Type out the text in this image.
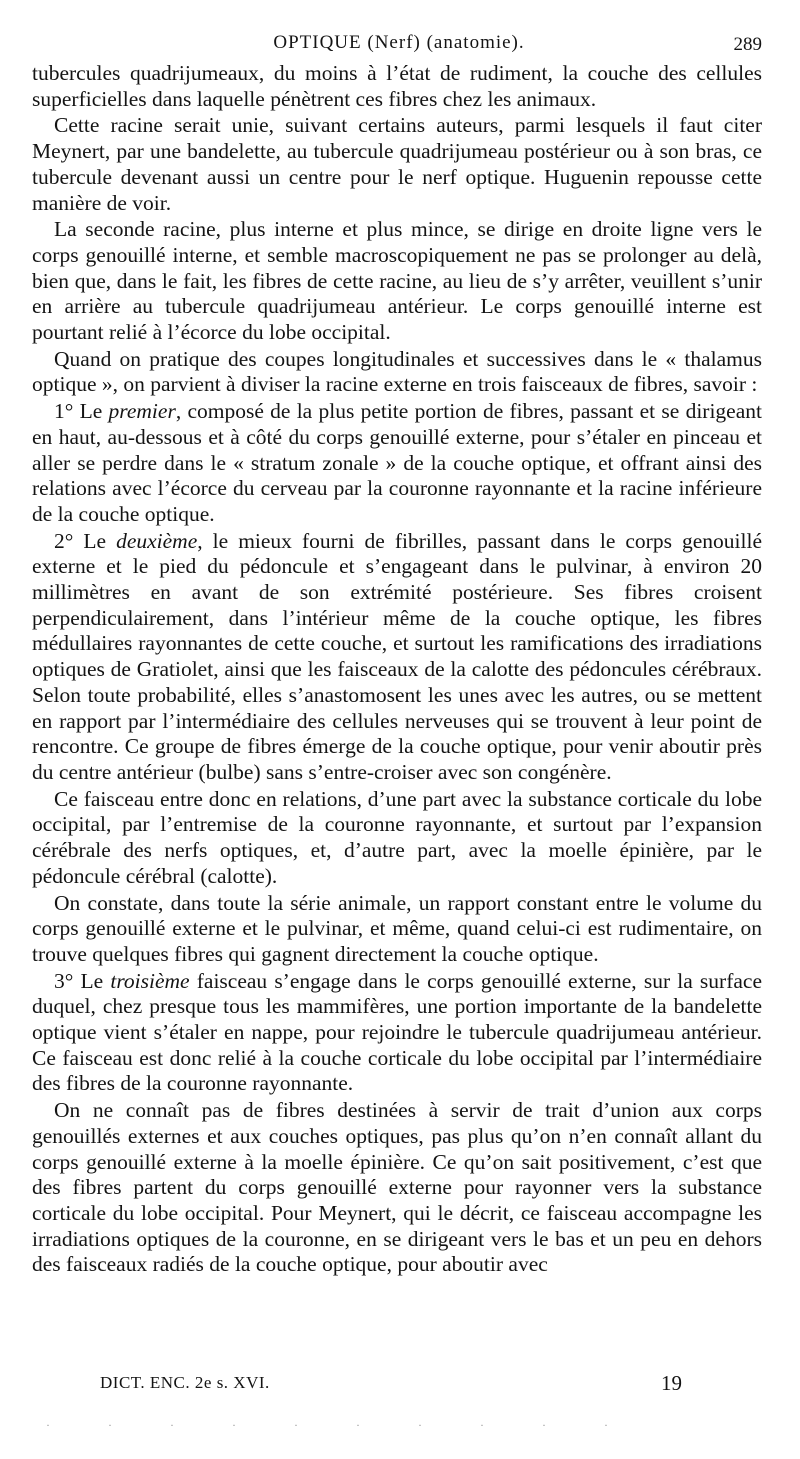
OPTIQUE (Nerf) (anatomie).	289

tubercules quadrijumeaux, du moins à l’état de rudiment, la couche des cellules superficielles dans laquelle pénètrent ces fibres chez les animaux.

Cette racine serait unie, suivant certains auteurs, parmi lesquels il faut citer Meynert, par une bandelette, au tubercule quadrijumeau postérieur ou à son bras, ce tubercule devenant aussi un centre pour le nerf optique. Huguenin repousse cette manière de voir.

La seconde racine, plus interne et plus mince, se dirige en droite ligne vers le corps genouillé interne, et semble macroscopiquement ne pas se prolonger au delà, bien que, dans le fait, les fibres de cette racine, au lieu de s’y arrêter, veuillent s’unir en arrière au tubercule quadrijumeau antérieur. Le corps genouillé interne est pourtant relié à l’écorce du lobe occipital.

Quand on pratique des coupes longitudinales et successives dans le « thalamus optique », on parvient à diviser la racine externe en trois faisceaux de fibres, savoir :

1° Le premier, composé de la plus petite portion de fibres, passant et se dirigeant en haut, au-dessous et à côté du corps genouillé externe, pour s’étaler en pinceau et aller se perdre dans le « stratum zonale » de la couche optique, et offrant ainsi des relations avec l’écorce du cerveau par la couronne rayonnante et la racine inférieure de la couche optique.

2° Le deuxième, le mieux fourni de fibrilles, passant dans le corps genouillé externe et le pied du pédoncule et s’engageant dans le pulvinar, à environ 20 millimètres en avant de son extrémité postérieure. Ses fibres croisent perpendiculairement, dans l’intérieur même de la couche optique, les fibres médullaires rayonnantes de cette couche, et surtout les ramifications des irradiations optiques de Gratiolet, ainsi que les faisceaux de la calotte des pédoncules cérébraux. Selon toute probabilité, elles s’anastomosent les unes avec les autres, ou se mettent en rapport par l’intermédiaire des cellules nerveuses qui se trouvent à leur point de rencontre. Ce groupe de fibres émerge de la couche optique, pour venir aboutir près du centre antérieur (bulbe) sans s’entre-croiser avec son congénère.

Ce faisceau entre donc en relations, d’une part avec la substance corticale du lobe occipital, par l’entremise de la couronne rayonnante, et surtout par l’expansion cérébrale des nerfs optiques, et, d’autre part, avec la moelle épinière, par le pédoncule cérébral (calotte).

On constate, dans toute la série animale, un rapport constant entre le volume du corps genouillé externe et le pulvinar, et même, quand celui-ci est rudimentaire, on trouve quelques fibres qui gagnent directement la couche optique.

3° Le troisième faisceau s’engage dans le corps genouillé externe, sur la surface duquel, chez presque tous les mammifères, une portion importante de la bandelette optique vient s’étaler en nappe, pour rejoindre le tubercule quadrijumeau antérieur. Ce faisceau est donc relié à la couche corticale du lobe occipital par l’intermédiaire des fibres de la couronne rayonnante.

On ne connaît pas de fibres destinées à servir de trait d’union aux corps genouillés externes et aux couches optiques, pas plus qu’on n’en connaît allant du corps genouillé externe à la moelle épinière. Ce qu’on sait positivement, c’est que des fibres partent du corps genouillé externe pour rayonner vers la substance corticale du lobe occipital. Pour Meynert, qui le décrit, ce faisceau accompagne les irradiations optiques de la couronne, en se dirigeant vers le bas et un peu en dehors des faisceaux radiés de la couche optique, pour aboutir avec

DICT. ENC. 2e s. XVI.	19
··········
